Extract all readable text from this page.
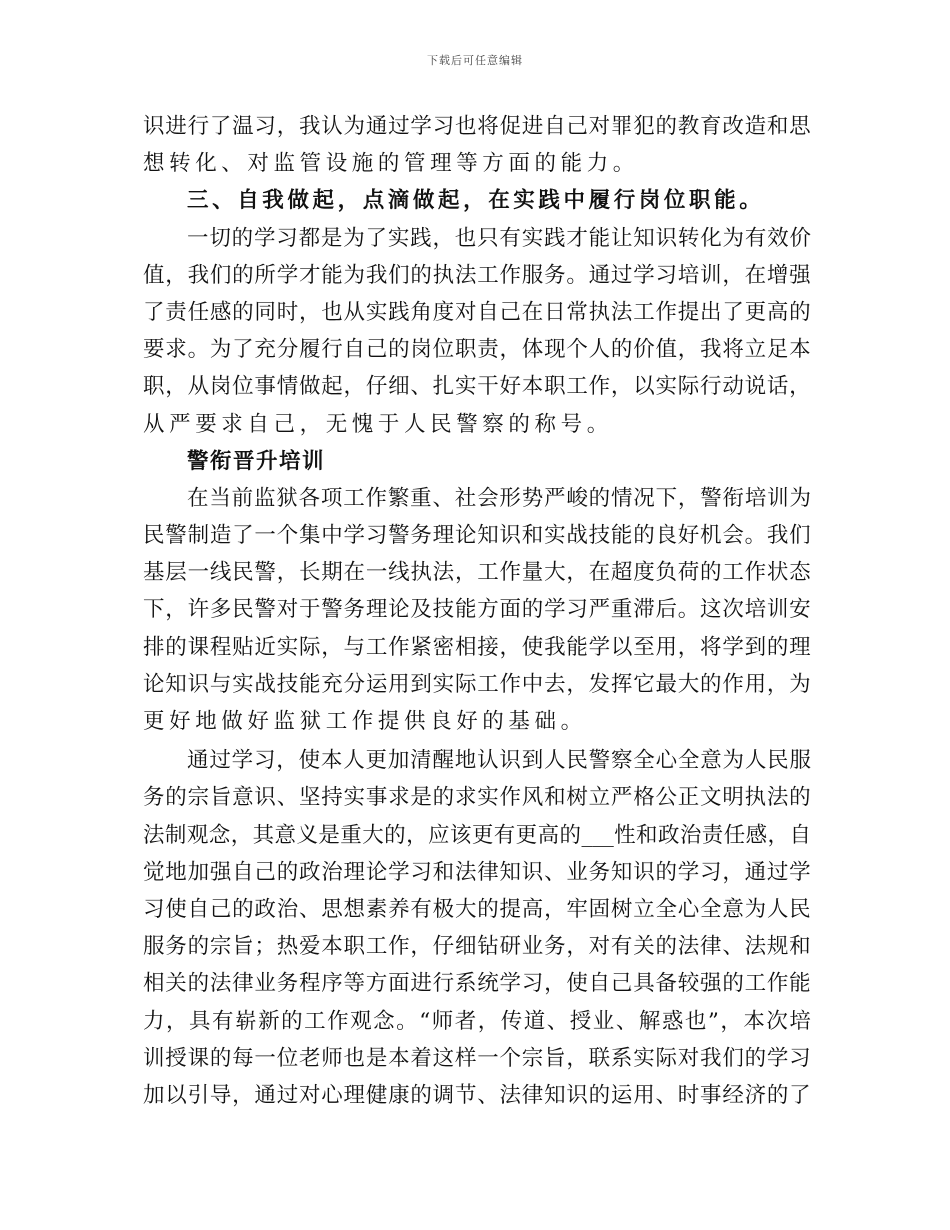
下载后可任意编辑
识 进 行 了 温 习 ， 我 认 为 通 过 学 习 也 将 促 进 自 己 对 罪 犯 的 教 育 改 造 和 思
想转化、对监管设施的管理等方面的能力。
三、自我做起，点滴做起，在实践中履行岗位职能。
一 切 的 学 习 都 是 为 了 实 践 ， 也 只 有 实 践 才 能 让 知 识 转 化 为 有 效 价
值 ， 我 们 的 所 学 才 能 为 我 们 的 执 法 工 作 服 务 。 通 过 学 习 培 训 ， 在 增 强
了 责 任 感 的 同 时 ， 也 从 实 践 角 度 对 自 己 在 日 常 执 法 工 作 提 出 了 更 高 的
要 求 。 为 了 充 分 履 行 自 己 的 岗 位 职 责 ， 体 现 个 人 的 价 值 ， 我 将 立 足 本
职 ， 从 岗 位 事 情 做 起 ， 仔 细 、 扎 实 干 好 本 职 工 作 ， 以 实 际 行 动 说 话 ，
从严要求自己，无愧于人民警察的称号。
警衔晋升培训
在 当 前 监 狱 各 项 工 作 繁 重 、 社 会 形 势 严 峻 的 情 况 下 ， 警 衔 培 训 为
民 警 制 造 了 一 个 集 中 学 习 警 务 理 论 知 识 和 实 战 技 能 的 良 好 机 会 。 我 们
基 层 一 线 民 警 ， 长 期 在 一 线 执 法 ， 工 作 量 大 ， 在 超 度 负 荷 的 工 作 状 态
下 ， 许 多 民 警 对 于 警 务 理 论 及 技 能 方 面 的 学 习 严 重 滞 后 。 这 次 培 训 安
排 的 课 程 贴 近 实 际 ， 与 工 作 紧 密 相 接 ， 使 我 能 学 以 至 用 ， 将 学 到 的 理
论 知 识 与 实 战 技 能 充 分 运 用 到 实 际 工 作 中 去 ， 发 挥 它 最 大 的 作 用 ， 为
更好地做好监狱工作提供良好的基础。
通 过 学 习 ， 使 本 人 更 加 清 醒 地 认 识 到 人 民 警 察 全 心 全 意 为 人 民 服
务 的 宗 旨 意 识 、 坚 持 实 事 求 是 的 求 实 作 风 和 树 立 严 格 公 正 文 明 执 法 的
法 制 观 念 ， 其 意 义 是 重 大 的 ， 应 该 更 有 更 高 的 ___ 性 和 政 治 责 任 感 ， 自
觉 地 加 强 自 己 的 政 治 理 论 学 习 和 法 律 知 识 、 业 务 知 识 的 学 习 ， 通 过 学
习 使 自 己 的 政 治 、 思 想 素 养 有 极 大 的 提 高 ， 牢 固 树 立 全 心 全 意 为 人 民
服 务 的 宗 旨 ； 热 爱 本 职 工 作 ， 仔 细 钻 研 业 务 ， 对 有 关 的 法 律 、 法 规 和
相 关 的 法 律 业 务 程 序 等 方 面 进 行 系 统 学 习 ， 使 自 己 具 备 较 强 的 工 作 能
力 ， 具 有 崭 新 的 工 作 观 念 。 “ 师 者 ， 传 道 、 授 业 、 解 惑 也 ” ， 本 次 培
训 授 课 的 每 一 位 老 师 也 是 本 着 这 样 一 个 宗 旨 ， 联 系 实 际 对 我 们 的 学 习
加 以 引 导 ， 通 过 对 心 理 健 康 的 调 节 、 法 律 知 识 的 运 用 、 时 事 经 济 的 了
